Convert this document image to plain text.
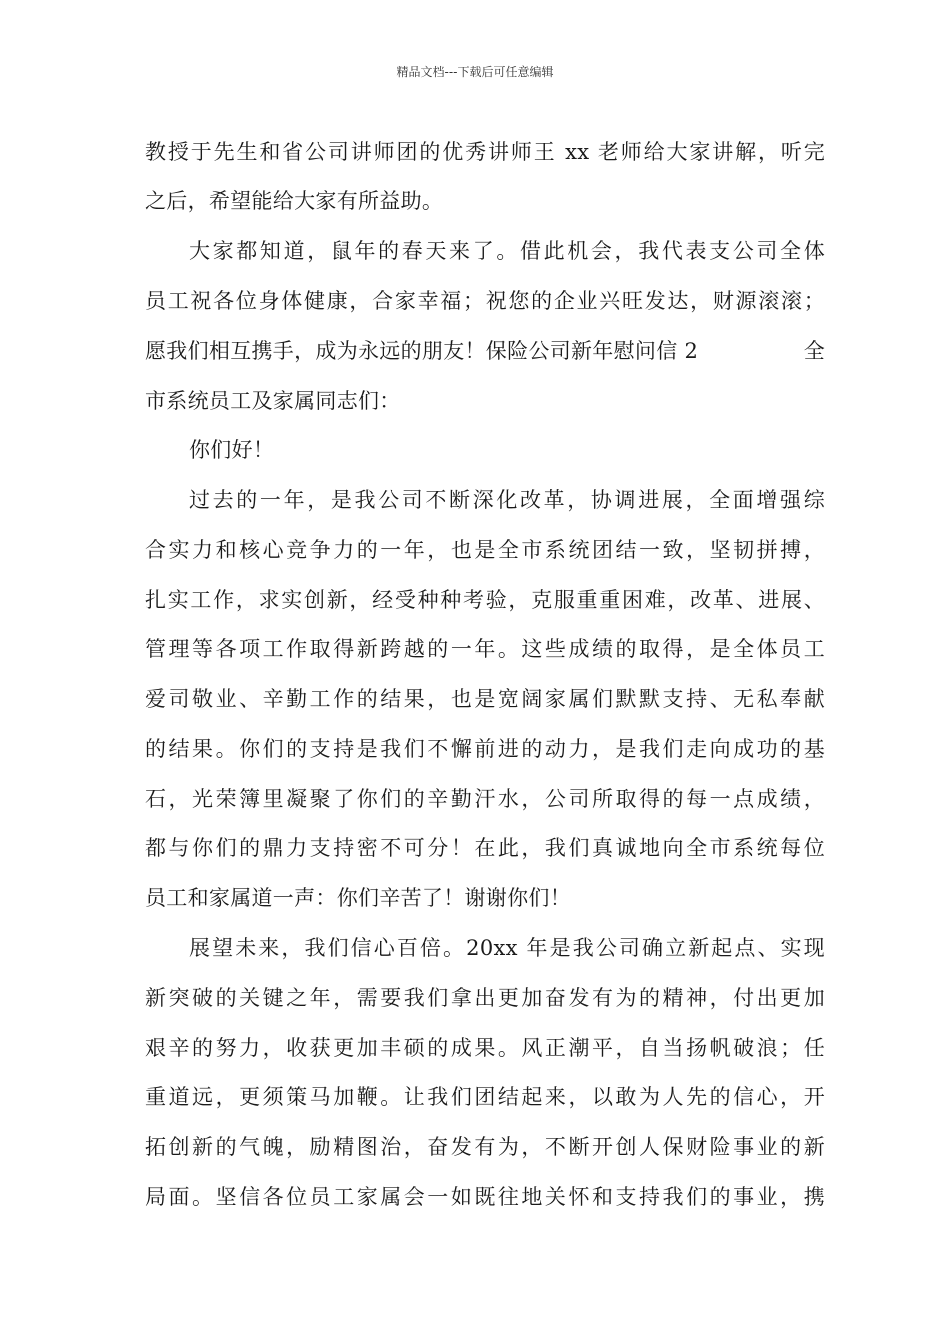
精品文档---下载后可任意编辑
教授于先生和省公司讲师团的优秀讲师王 xx 老师给大家讲解，听完
之后，希望能给大家有所益助。
大家都知道，鼠年的春天来了。借此机会，我代表支公司全体
员工祝各位身体健康，合家幸福；祝您的企业兴旺发达，财源滚滚；
愿我们相互携手，成为永远的朋友！保险公司新年慰问信 2	全
市系统员工及家属同志们：
你们好！
过去的一年，是我公司不断深化改革，协调进展，全面增强综
合实力和核心竞争力的一年，也是全市系统团结一致，坚韧拼搏，
扎实工作，求实创新，经受种种考验，克服重重困难，改革、进展、
管理等各项工作取得新跨越的一年。这些成绩的取得，是全体员工
爱司敬业、辛勤工作的结果，也是宽阔家属们默默支持、无私奉献
的结果。你们的支持是我们不懈前进的动力，是我们走向成功的基
石，光荣簿里凝聚了你们的辛勤汗水，公司所取得的每一点成绩，
都与你们的鼎力支持密不可分！在此，我们真诚地向全市系统每位
员工和家属道一声：你们辛苦了！谢谢你们！
展望未来，我们信心百倍。20xx 年是我公司确立新起点、实现
新突破的关键之年，需要我们拿出更加奋发有为的精神，付出更加
艰辛的努力，收获更加丰硕的成果。风正潮平，自当扬帆破浪；任
重道远，更须策马加鞭。让我们团结起来，以敢为人先的信心，开
拓创新的气魄，励精图治，奋发有为，不断开创人保财险事业的新
局面。坚信各位员工家属会一如既往地关怀和支持我们的事业，携
